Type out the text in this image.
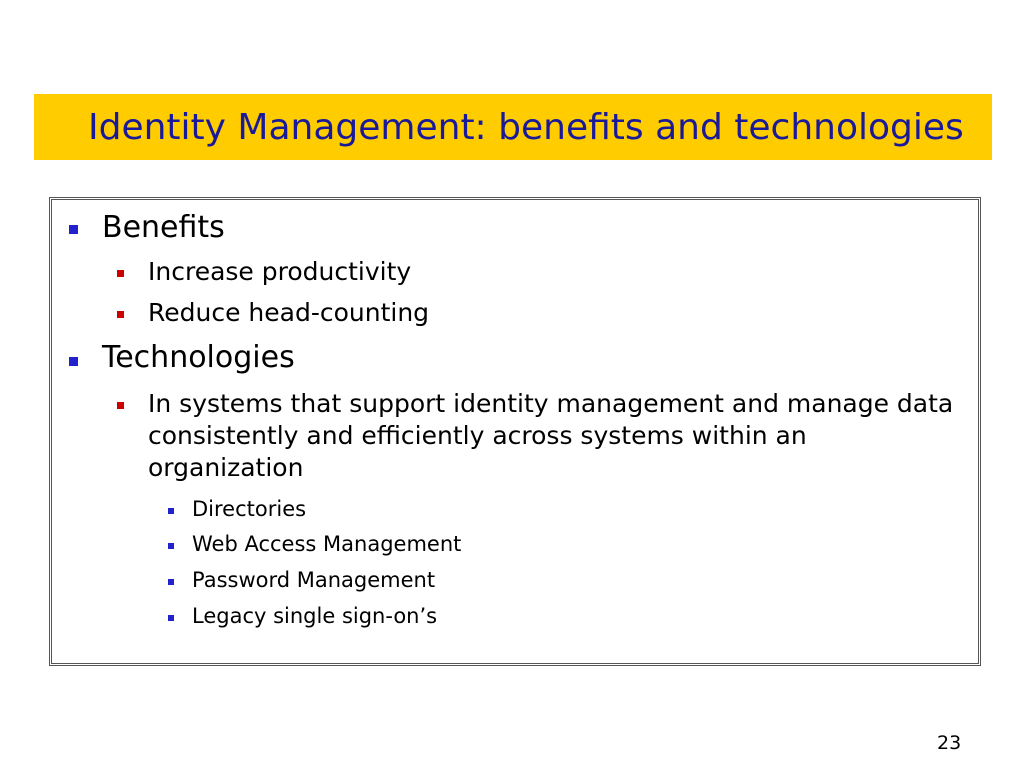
Identity Management: benefits and technologies
Benefits
Increase productivity
Reduce head-counting
Technologies
In systems that support identity management and manage data consistently and efficiently across systems within an organization
Directories
Web Access Management
Password Management
Legacy single sign-on’s
23
